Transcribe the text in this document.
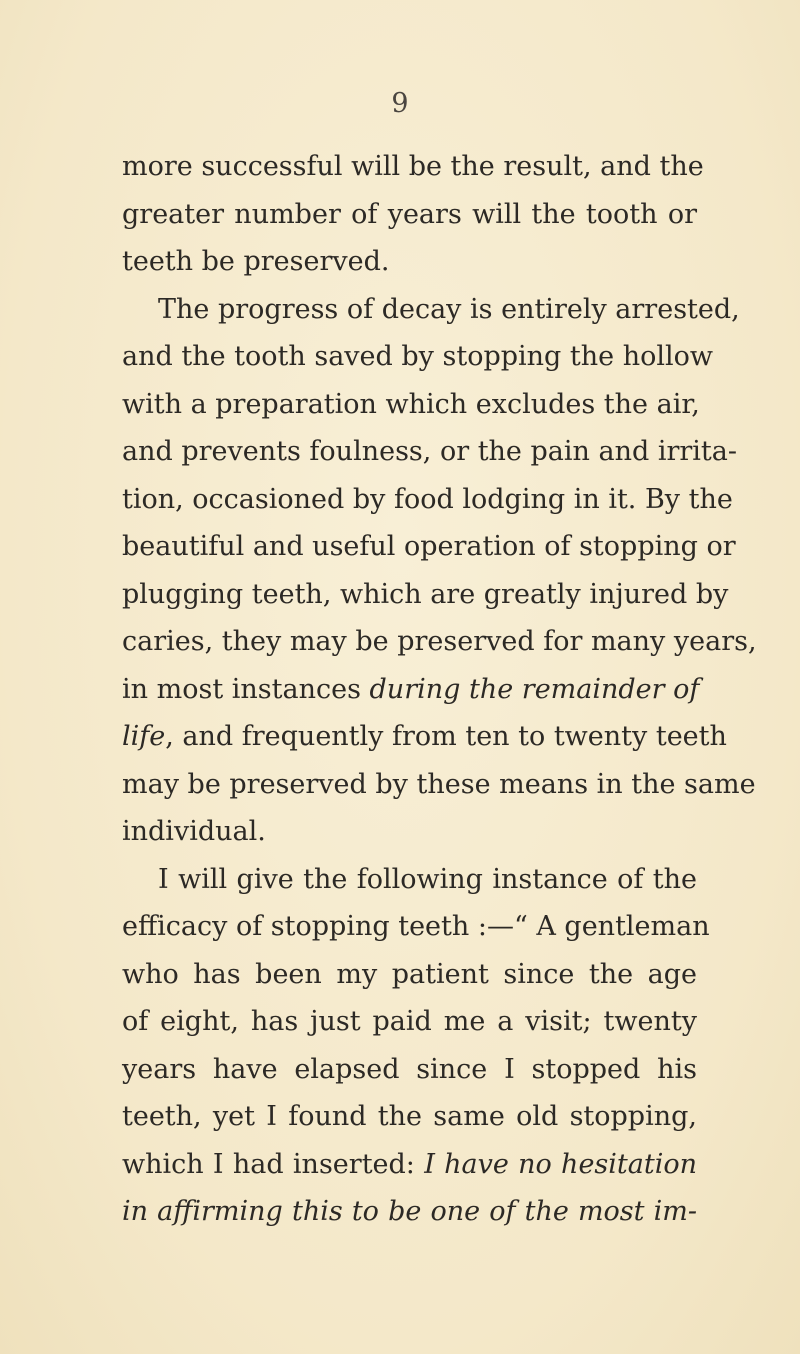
9
more successful will be the result, and the
greater number of years will the tooth or
teeth be preserved.
The progress of decay is entirely arrested,
and the tooth saved by stopping the hollow
with a preparation which excludes the air,
and prevents foulness, or the pain and irrita-
tion, occasioned by food lodging in it. By the
beautiful and useful operation of stopping or
plugging teeth, which are greatly injured by
caries, they may be preserved for many years,
in most instances during the remainder of
life, and frequently from ten to twenty teeth
may be preserved by these means in the same
individual.
I will give the following instance of the
efficacy of stopping teeth :—“ A gentleman
who has been my patient since the age
of eight, has just paid me a visit; twenty
years have elapsed since I stopped his
teeth, yet I found the same old stopping,
which I had inserted: I have no hesitation
in affirming this to be one of the most im-
